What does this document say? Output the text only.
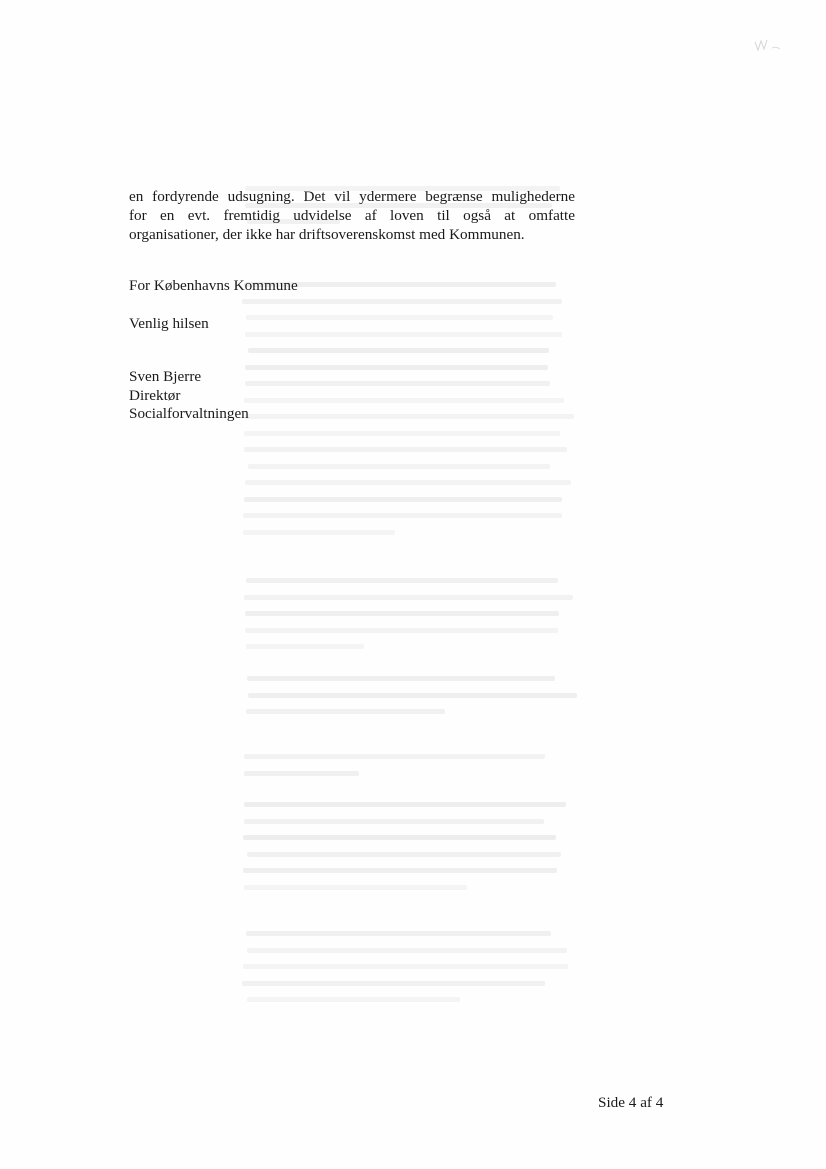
en fordyrende udsugning. Det vil ydermere begrænse mulighederne
for en evt. fremtidig udvidelse af loven til også at omfatte
organisationer, der ikke har driftsoverenskomst med Kommunen.
For Københavns Kommune
Venlig hilsen
Sven Bjerre
Direktør
Socialforvaltningen
Side 4 af 4
